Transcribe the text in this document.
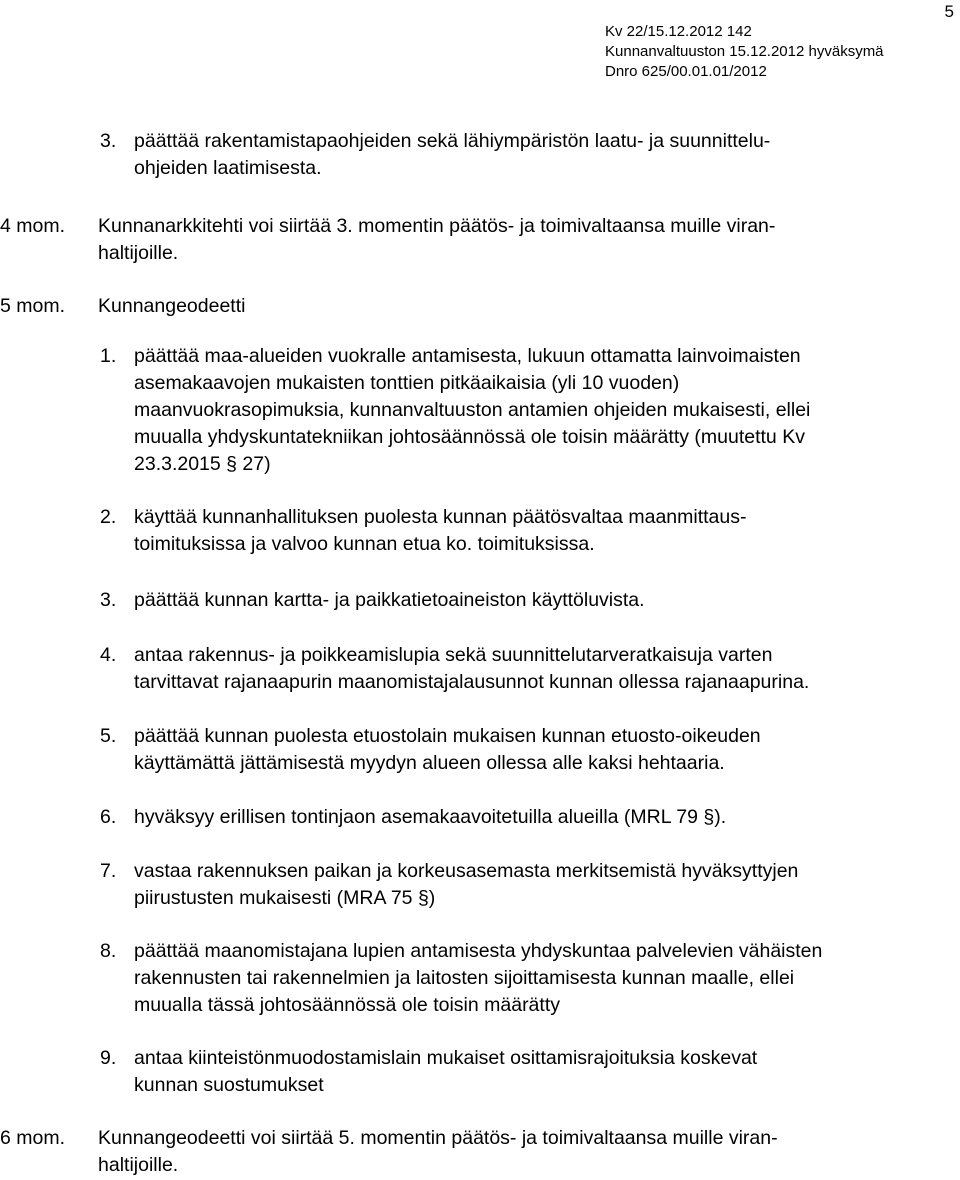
5
Kv 22/15.12.2012 142
Kunnanvaltuuston 15.12.2012 hyväksymä
Dnro 625/00.01.01/2012
3. päättää rakentamistapaohjeiden sekä lähiympäristön laatu- ja suunnittelu-
ohjeiden laatimisesta.
4 mom. Kunnanarkkitehti voi siirtää 3. momentin päätös- ja toimivaltaansa muille viran-
haltijoille.
5 mom. Kunnangeodeetti
1. päättää maa-alueiden vuokralle antamisesta, lukuun ottamatta lainvoimaisten
asemakaavojen mukaisten tonttien pitkäaikaisia (yli 10 vuoden)
maanvuokrasopimuksia, kunnanvaltuuston antamien ohjeiden mukaisesti, ellei
muualla yhdyskuntatekniikan johtosäännössä ole toisin määrätty (muutettu Kv
23.3.2015 § 27)
2. käyttää kunnanhallituksen puolesta kunnan päätösvaltaa maanmittaus-
toimituksissa ja valvoo kunnan etua ko. toimituksissa.
3. päättää kunnan kartta- ja paikkatietoaineiston käyttöluvista.
4. antaa rakennus- ja poikkeamislupia sekä suunnittelutarveratkaisuja varten
tarvittavat rajanaapurin maanomistajalausunnot kunnan ollessa rajanaapurina.
5. päättää kunnan puolesta etuostolain mukaisen kunnan etuosto-oikeuden
käyttämättä jättämisestä myydyn alueen ollessa alle kaksi hehtaaria.
6. hyväksyy erillisen tontinjaon asemakaavoitetuilla alueilla (MRL 79 §).
7. vastaa rakennuksen paikan ja korkeusasemasta merkitsemistä hyväksyttyjen
piirustusten mukaisesti (MRA 75 §)
8. päättää maanomistajana lupien antamisesta yhdyskuntaa palvelevien vähäisten
rakennusten tai rakennelmien ja laitosten sijoittamisesta kunnan maalle, ellei
muualla tässä johtosäännössä ole toisin määrätty
9. antaa kiinteistönmuodostamislain mukaiset osittamisrajoituksia koskevat
kunnan suostumukset
6 mom. Kunnangeodeetti voi siirtää 5. momentin päätös- ja toimivaltaansa muille viran-
haltijoille.
